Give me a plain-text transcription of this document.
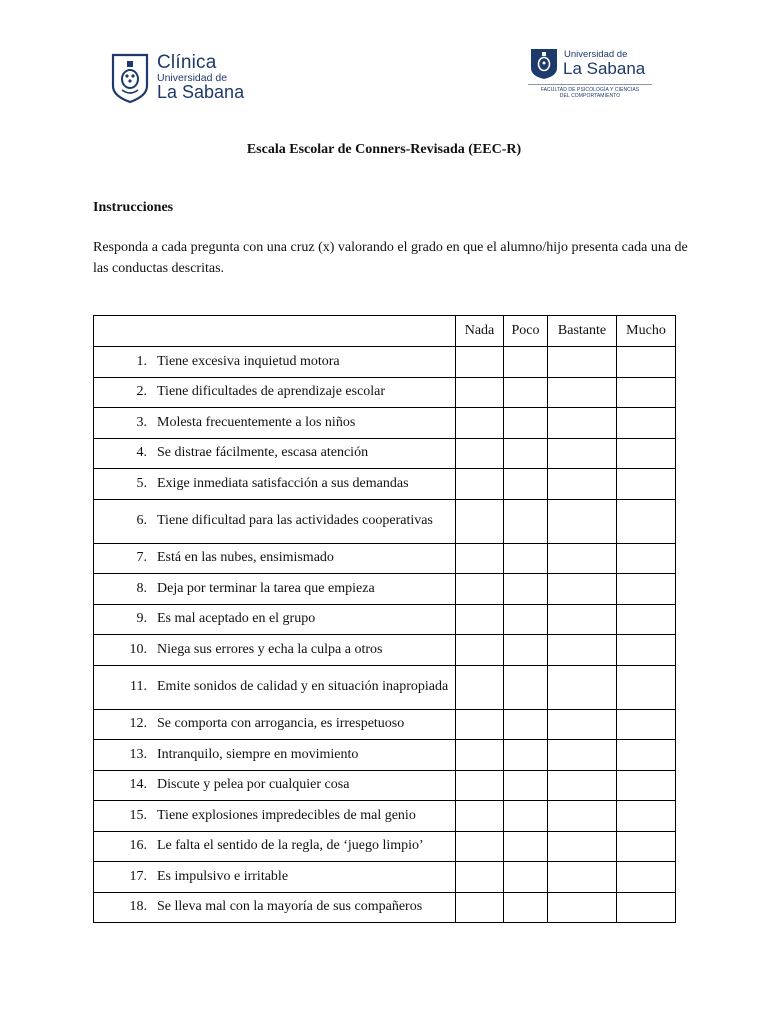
Clínica
Universidad de
La Sabana
Universidad de
La Sabana
FACULTAD DE PSICOLOGÍA Y CIENCIAS
DEL COMPORTAMIENTO
Escala Escolar de Conners-Revisada (EEC-R)
Instrucciones
Responda a cada pregunta con una cruz (x) valorando el grado en que el alumno/hijo presenta cada una de las conductas descritas.
	Nada	Poco	Bastante	Mucho

1. Tiene excesiva inquietud motora				

2. Tiene dificultades de aprendizaje escolar				

3. Molesta frecuentemente a los niños				

4. Se distrae fácilmente, escasa atención				

5. Exige inmediata satisfacción a sus demandas				

6. Tiene dificultad para las actividades cooperativas				

7. Está en las nubes, ensimismado				

8. Deja por terminar la tarea que empieza				

9. Es mal aceptado en el grupo				

10. Niega sus errores y echa la culpa a otros				

11. Emite sonidos de calidad y en situación inapropiada				

12. Se comporta con arrogancia, es irrespetuoso				

13. Intranquilo, siempre en movimiento				

14. Discute y pelea por cualquier cosa				

15. Tiene explosiones impredecibles de mal genio				

16. Le falta el sentido de la regla, de ‘juego limpio’				

17. Es impulsivo e irritable				

18. Se lleva mal con la mayoría de sus compañeros				
